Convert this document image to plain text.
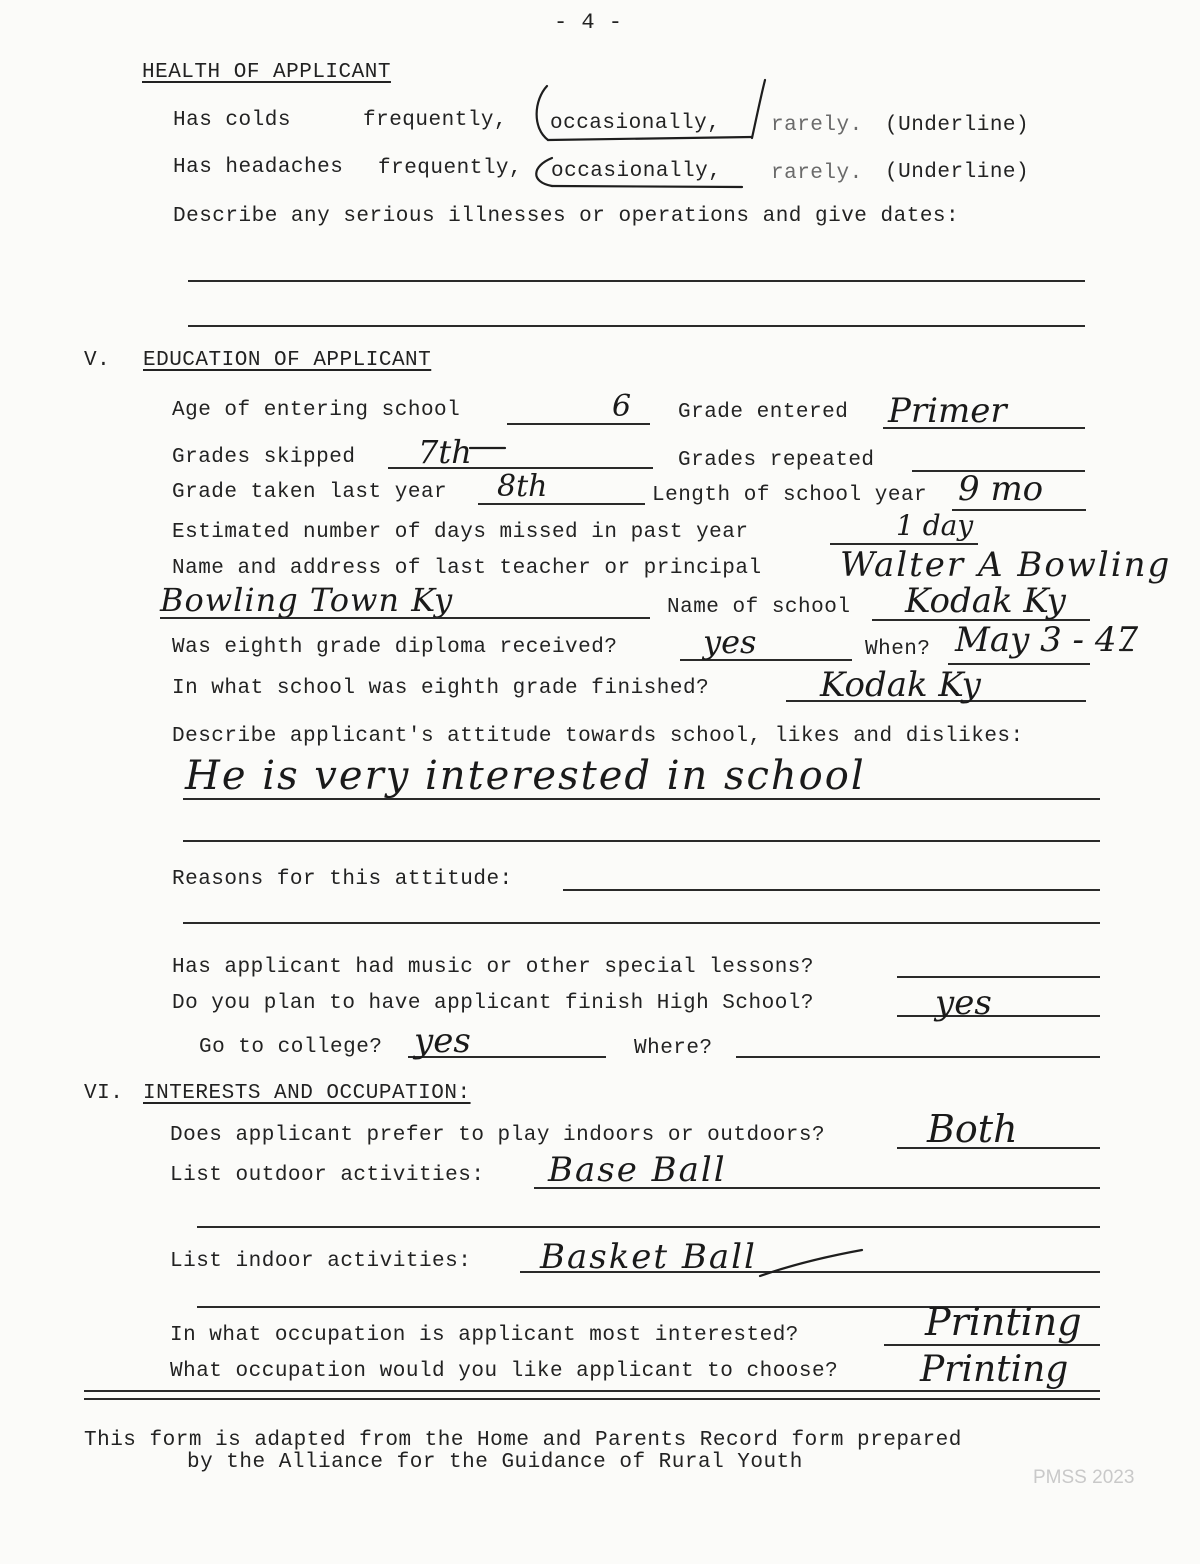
- 4 -
HEALTH OF APPLICANT
Has colds	frequently, occasionally, rarely. (Underline)
Has headaches frequently, occasionally, rarely. (Underline)
Describe any serious illnesses or operations and give dates:
V. EDUCATION OF APPLICANT
Age of entering school	6 Grade entered Primer
Grades skipped 7th	Grades repeated
Grade taken last year 8th	Length of school year 9 mo
Estimated number of days missed in past year	1 day
Name and address of last teacher or principal Walter A Bowling
Bowling Town Ky	Name of school Kodak Ky
Was eighth grade diploma received?	yes	When? May 3 - 47
In what school was eighth grade finished?	Kodak Ky
Describe applicant's attitude towards school, likes and dislikes:
He is very interested in school
Reasons for this attitude:
Has applicant had music or other special lessons?
Do you plan to have applicant finish High School?	yes
Go to college? yes	Where?
VI. INTERESTS AND OCCUPATION:
Does applicant prefer to play indoors or outdoors?	Both
List outdoor activities: Base Ball
List indoor activities: Basket Ball
In what occupation is applicant most interested?	Printing
What occupation would you like applicant to choose? Printing
This form is adapted from the Home and Parents Record form prepared
by the Alliance for the Guidance of Rural Youth
PMSS 2023
